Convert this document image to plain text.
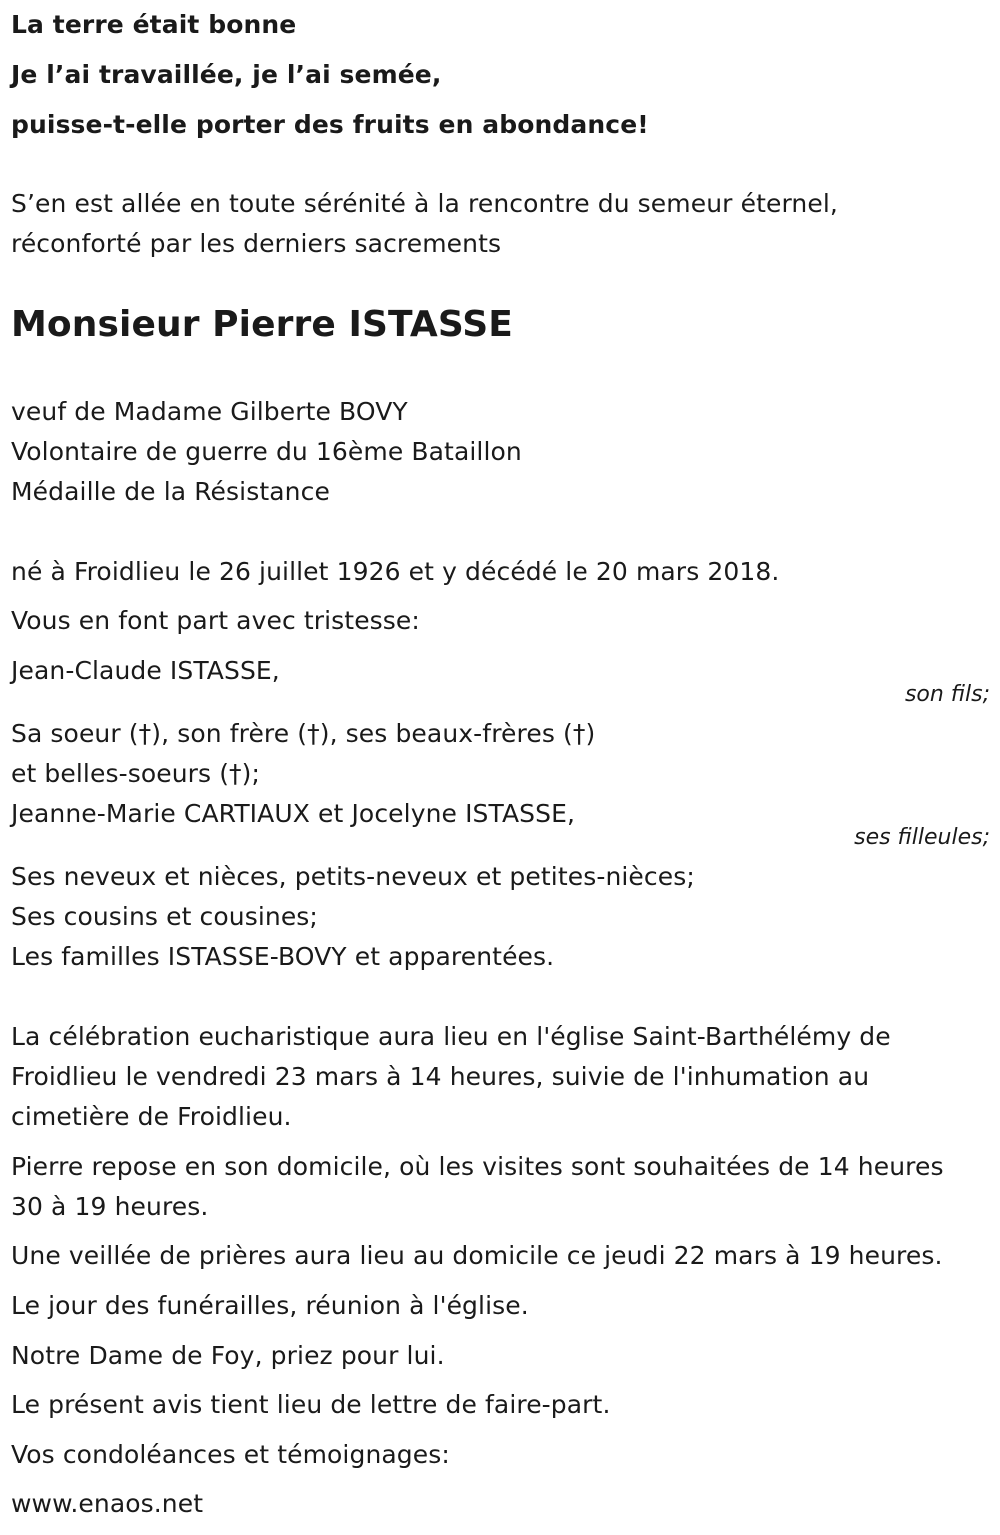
La terre était bonne
Je l’ai travaillée, je l’ai semée,
puisse-t-elle porter des fruits en abondance!
S’en est allée en toute sérénité à la rencontre du semeur éternel,
réconforté par les derniers sacrements
Monsieur Pierre ISTASSE
veuf de Madame Gilberte BOVY
Volontaire de guerre du 16ème Bataillon
Médaille de la Résistance
né à Froidlieu le 26 juillet 1926 et y décédé le 20 mars 2018.
Vous en font part avec tristesse:
Jean-Claude ISTASSE,
son fils;
Sa soeur (†), son frère (†), ses beaux-frères (†)
et belles-soeurs (†);
Jeanne-Marie CARTIAUX et Jocelyne ISTASSE,
ses filleules;
Ses neveux et nièces, petits-neveux et petites-nièces;
Ses cousins et cousines;
Les familles ISTASSE-BOVY et apparentées.
La célébration eucharistique aura lieu en l'église Saint-Barthélémy de
Froidlieu le vendredi 23 mars à 14 heures, suivie de l'inhumation au
cimetière de Froidlieu.
Pierre repose en son domicile, où les visites sont souhaitées de 14 heures
30 à 19 heures.
Une veillée de prières aura lieu au domicile ce jeudi 22 mars à 19 heures.
Le jour des funérailles, réunion à l'église.
Notre Dame de Foy, priez pour lui.
Le présent avis tient lieu de lettre de faire-part.
Vos condoléances et témoignages:
www.enaos.net
